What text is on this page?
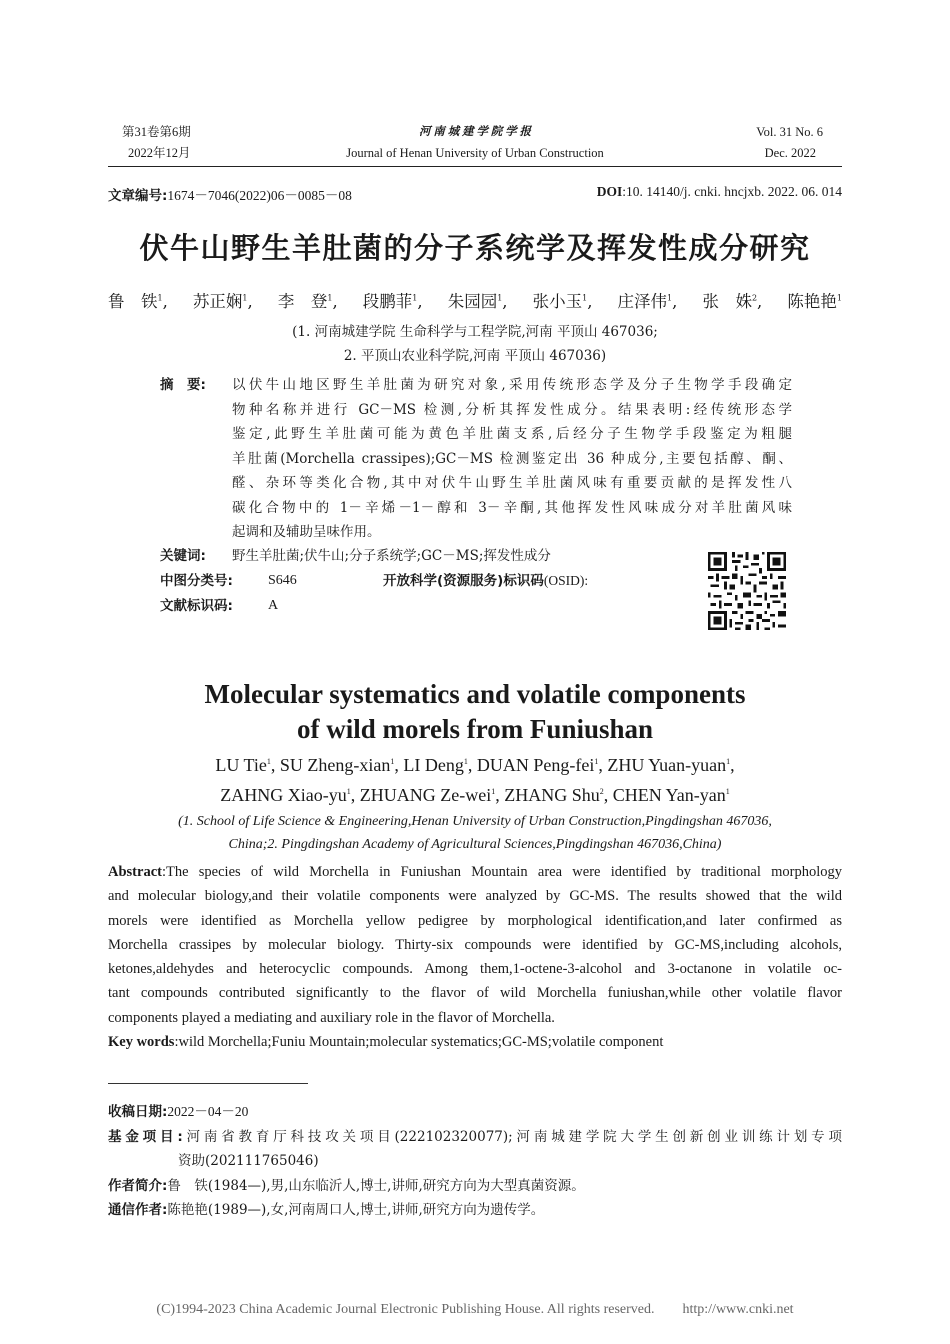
第31卷第6期
2022年12月
河 南 城 建 学 院 学 报
Journal of Henan University of Urban Construction
Vol. 31 No. 6
Dec. 2022
文章编号:1674－7046(2022)06－0085－08	DOI:10. 14140/j. cnki. hncjxb. 2022. 06. 014
伏牛山野生羊肚菌的分子系统学及挥发性成分研究
鲁　铁$^1$, 苏正娴$^1$, 李　登$^1$, 段鹏菲$^1$, 朱园园$^1$, 张小玉$^1$, 庄泽伟$^1$, 张　姝$^2$, 陈艳艳$^1$
(1. 河南城建学院 生命科学与工程学院,河南 平顶山 467036;
2. 平顶山农业科学院,河南 平顶山 467036)
摘　要: 以伏牛山地区野生羊肚菌为研究对象,采用传统形态学及分子生物学手段确定
物种名称并进行 GC－MS 检测,分析其挥发性成分。结果表明:经传统形态学
鉴定,此野生羊肚菌可能为黄色羊肚菌支系,后经分子生物学手段鉴定为粗腿
羊肚菌(Morchella crassipes);GC－MS 检测鉴定出 36 种成分,主要包括醇、酮、
醛、杂环等类化合物,其中对伏牛山野生羊肚菌风味有重要贡献的是挥发性八
碳化合物中的 1－辛烯－1－醇和 3－辛酮,其他挥发性风味成分对羊肚菌风味
起调和及辅助呈味作用。
关键词: 野生羊肚菌;伏牛山;分子系统学;GC－MS;挥发性成分
中图分类号:	S646	开放科学(资源服务)标识码(OSID):
文献标识码:	A
Molecular systematics and volatile components
of wild morels from Funiushan
LU Tie$^1$, SU Zheng-xian$^1$, LI Deng$^1$, DUAN Peng-fei$^1$, ZHU Yuan-yuan$^1$,
ZAHNG Xiao-$yu^1$, ZHUANG Ze-wei$^1$, ZHANG Shu$^2$, CHEN Yan-yan$^1$
(1. School of Life Science & Engineering,Henan University of Urban Construction,Pingdingshan 467036,
China;2. Pingdingshan Academy of Agricultural Sciences,Pingdingshan 467036,China)
Abstract:The species of wild Morchella in Funiushan Mountain area were identified by traditional morphology
and molecular biology,and their volatile components were analyzed by GC-MS. The results showed that the wild
morels were identified as Morchella yellow pedigree by morphological identification,and later confirmed as
Morchella crassipes by molecular biology. Thirty-six compounds were identified by GC-MS,including alcohols,
ketones,aldehydes and heterocyclic compounds. Among them,1-octene-3-alcohol and 3-octanone in volatile oc-
tant compounds contributed significantly to the flavor of wild Morchella funiushan,while other volatile flavor
components played a mediating and auxiliary role in the flavor of Morchella.
Key words:wild Morchella;Funiu Mountain;molecular systematics;GC-MS;volatile component
收稿日期:2022－04－20
基金项目:河南省教育厅科技攻关项目(222102320077);河南城建学院大学生创新创业训练计划专项
资助(202111765046)
作者简介:鲁　铁(1984—),男,山东临沂人,博士,讲师,研究方向为大型真菌资源。
通信作者:陈艳艳(1989—),女,河南周口人,博士,讲师,研究方向为遗传学。
(C)1994-2023 China Academic Journal Electronic Publishing House. All rights reserved.　　http://www.cnki.net
